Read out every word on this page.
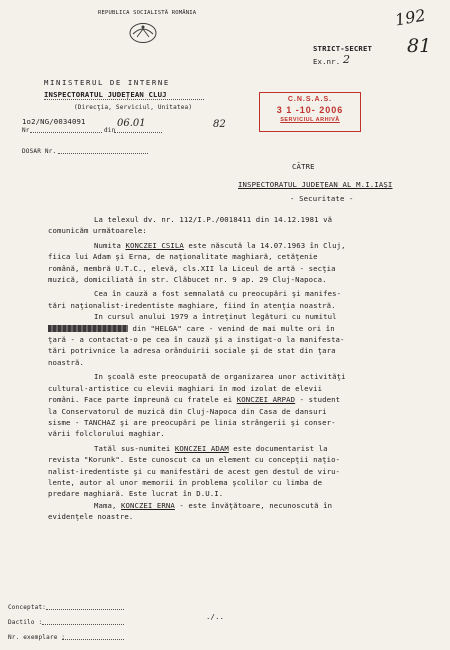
REPUBLICA SOCIALISTĂ ROMÂNIA
MINISTERUL DE INTERNE
INSPECTORATUL JUDEȚEAN CLUJ
(Direcţia, Serviciul, Unitatea)
1o2/NG/0034091
Nr	din
06.01	82
DOSAR Nr.
STRICT-SECRET
Ex.nr. 2
192
81
C.N.S.A.S.
3 1 -10- 2006
SERVICIUL ARHIVĂ
CĂTRE
INSPECTORATUL JUDEŢEAN AL M.I.IAŞI
- Securitate -
La telexul dv. nr. 112/I.P./0018411 din 14.12.1981 vă
comunicăm următoarele:
Numita KONCZEI CSILA este născută la 14.07.1963 în Cluj,
fiica lui Adam şi Erna, de naţionalitate maghiară, cetăţenie
română, membră U.T.C., elevă, cls.XII la Liceul de artă - secţia
muzică, domiciliată în str. Clăbucet nr. 9 ap. 29 Cluj-Napoca.
Cea în cauză a fost semnalată cu preocupări şi manifes-
tări naţionalist-iredentiste maghiare, fiind în atenţia noastră.
In cursul anului 1979 a întreţinut legături cu numitul
din "HELGA" care - venind de mai multe ori în
ţară - a contactat-o pe cea în cauză şi a instigat-o la manifesta-
tări potrivnice la adresa orânduirii sociale şi de stat din ţara
noastră.
In şcoală este preocupată de organizarea unor activităţi
cultural-artistice cu elevii maghiari în mod izolat de elevii
români. Face parte împreună cu fratele ei KONCZEI ARPAD - student
la Conservatorul de muzică din Cluj-Napoca din Casa de dansuri
sisme - TANCHAZ şi are preocupări pe linia strângerii şi conser-
vării folclorului maghiar.
Tatăl sus-numitei KONCZEI ADAM este documentarist la
revista "Korunk". Este cunoscut ca un element cu concepţii naţio-
nalist-iredentiste şi cu manifestări de acest gen destul de viru-
lente, autor al unor memorii în problema şcolilor cu limba de
predare maghiară. Este lucrat în D.U.I.
Mama, KONCZEI ERNA - este învăţătoare, necunoscută în
evidenţele noastre.
./..
Conceptat:
Dactilo :
Nr. exemplare :
